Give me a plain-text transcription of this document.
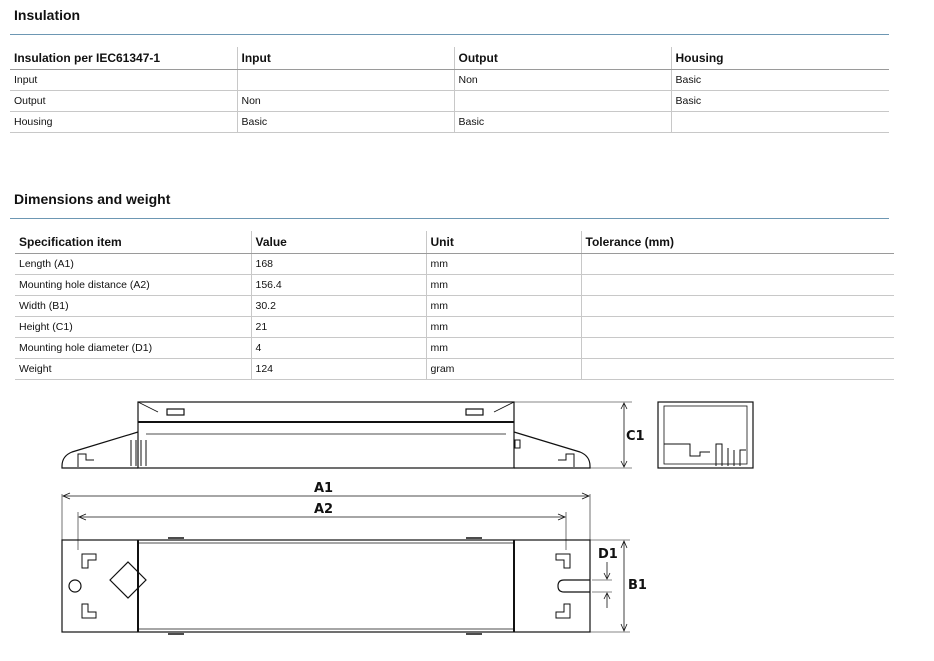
Insulation
Insulation per IEC61347-1	Input	Output	Housing
Input		Non	Basic
Output	Non		Basic
Housing	Basic	Basic	
Dimensions and weight
Specification item	Value	Unit	Tolerance (mm)
Length (A1)	168	mm	
Mounting hole distance (A2)	156.4	mm	
Width (B1)	30.2	mm	
Height (C1)	21	mm	
Mounting hole diameter (D1)	4	mm	
Weight	124	gram	
C1
A1
A2
D1
B1
